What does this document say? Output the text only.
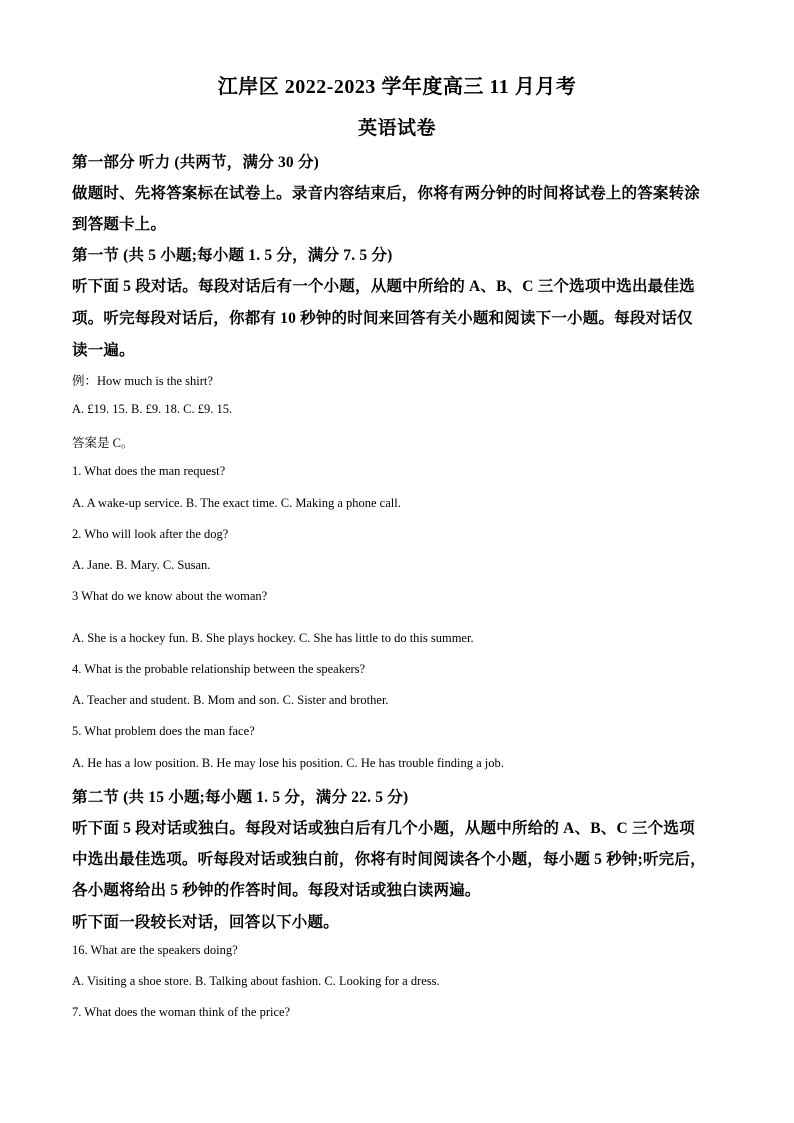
江岸区 2022-2023 学年度高三 11 月月考
英语试卷
第一部分 听力 (共两节，满分 30 分)
做题时、先将答案标在试卷上。录音内容结束后，你将有两分钟的时间将试卷上的答案转涂
到答题卡上。
第一节 (共 5 小题;每小题 1. 5 分，满分 7. 5 分)
听下面 5 段对话。每段对话后有一个小题，从题中所给的 A、B、C 三个选项中选出最佳选
项。听完每段对话后，你都有 10 秒钟的时间来回答有关小题和阅读下一小题。每段对话仅
读一遍。
例：How much is the shirt?
A. £19. 15. B. £9. 18. C. £9. 15.
答案是 C。
1. What does the man request?
A. A wake-up service. B. The exact time. C. Making a phone call.
2. Who will look after the dog?
A. Jane. B. Mary. C. Susan.
3 What do we know about the woman?
A. She is a hockey fun. B. She plays hockey. C. She has little to do this summer.
4. What is the probable relationship between the speakers?
A. Teacher and student. B. Mom and son. C. Sister and brother.
5. What problem does the man face?
A. He has a low position. B. He may lose his position. C. He has trouble finding a job.
第二节 (共 15 小题;每小题 1. 5 分，满分 22. 5 分)
听下面 5 段对话或独白。每段对话或独白后有几个小题，从题中所给的 A、B、C 三个选项
中选出最佳选项。听每段对话或独白前，你将有时间阅读各个小题，每小题 5 秒钟;听完后，
各小题将给出 5 秒钟的作答时间。每段对话或独白读两遍。
听下面一段较长对话，回答以下小题。
16. What are the speakers doing?
A. Visiting a shoe store. B. Talking about fashion. C. Looking for a dress.
7. What does the woman think of the price?
